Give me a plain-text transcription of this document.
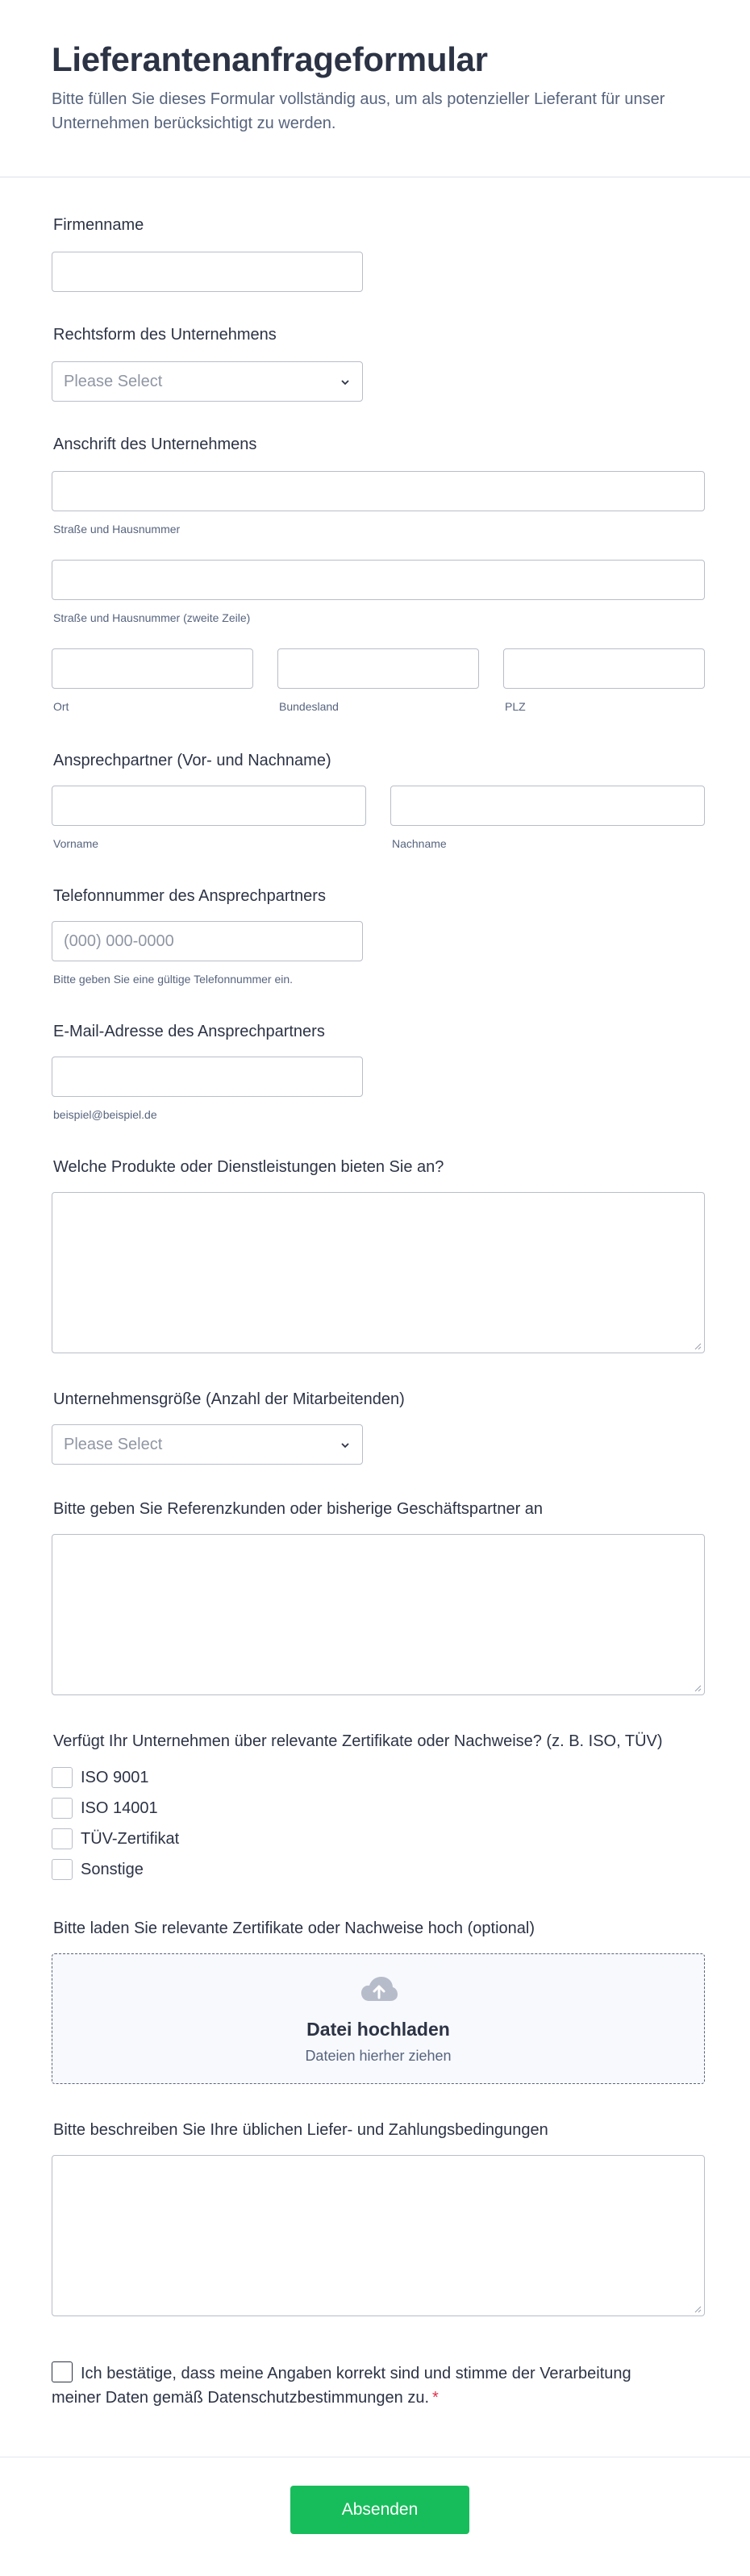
Lieferantenanfrageformular

Bitte füllen Sie dieses Formular vollständig aus, um als potenzieller Lieferant für unser Unternehmen berücksichtigt zu werden.

Firmenname
Rechtsform des Unternehmens
Please Select
Anschrift des Unternehmens
Straße und Hausnummer
Straße und Hausnummer (zweite Zeile)
Ort	Bundesland	PLZ
Ansprechpartner (Vor- und Nachname)
Vorname	Nachname
Telefonnummer des Ansprechpartners
(000) 000-0000
Bitte geben Sie eine gültige Telefonnummer ein.
E-Mail-Adresse des Ansprechpartners
beispiel@beispiel.de
Welche Produkte oder Dienstleistungen bieten Sie an?
Unternehmensgröße (Anzahl der Mitarbeitenden)
Please Select
Bitte geben Sie Referenzkunden oder bisherige Geschäftspartner an
Verfügt Ihr Unternehmen über relevante Zertifikate oder Nachweise? (z. B. ISO, TÜV)
ISO 9001
ISO 14001
TÜV-Zertifikat
Sonstige
Bitte laden Sie relevante Zertifikate oder Nachweise hoch (optional)
Datei hochladen
Dateien hierher ziehen
Bitte beschreiben Sie Ihre üblichen Liefer- und Zahlungsbedingungen
Ich bestätige, dass meine Angaben korrekt sind und stimme der Verarbeitung meiner Daten gemäß Datenschutzbestimmungen zu. *
Absenden
